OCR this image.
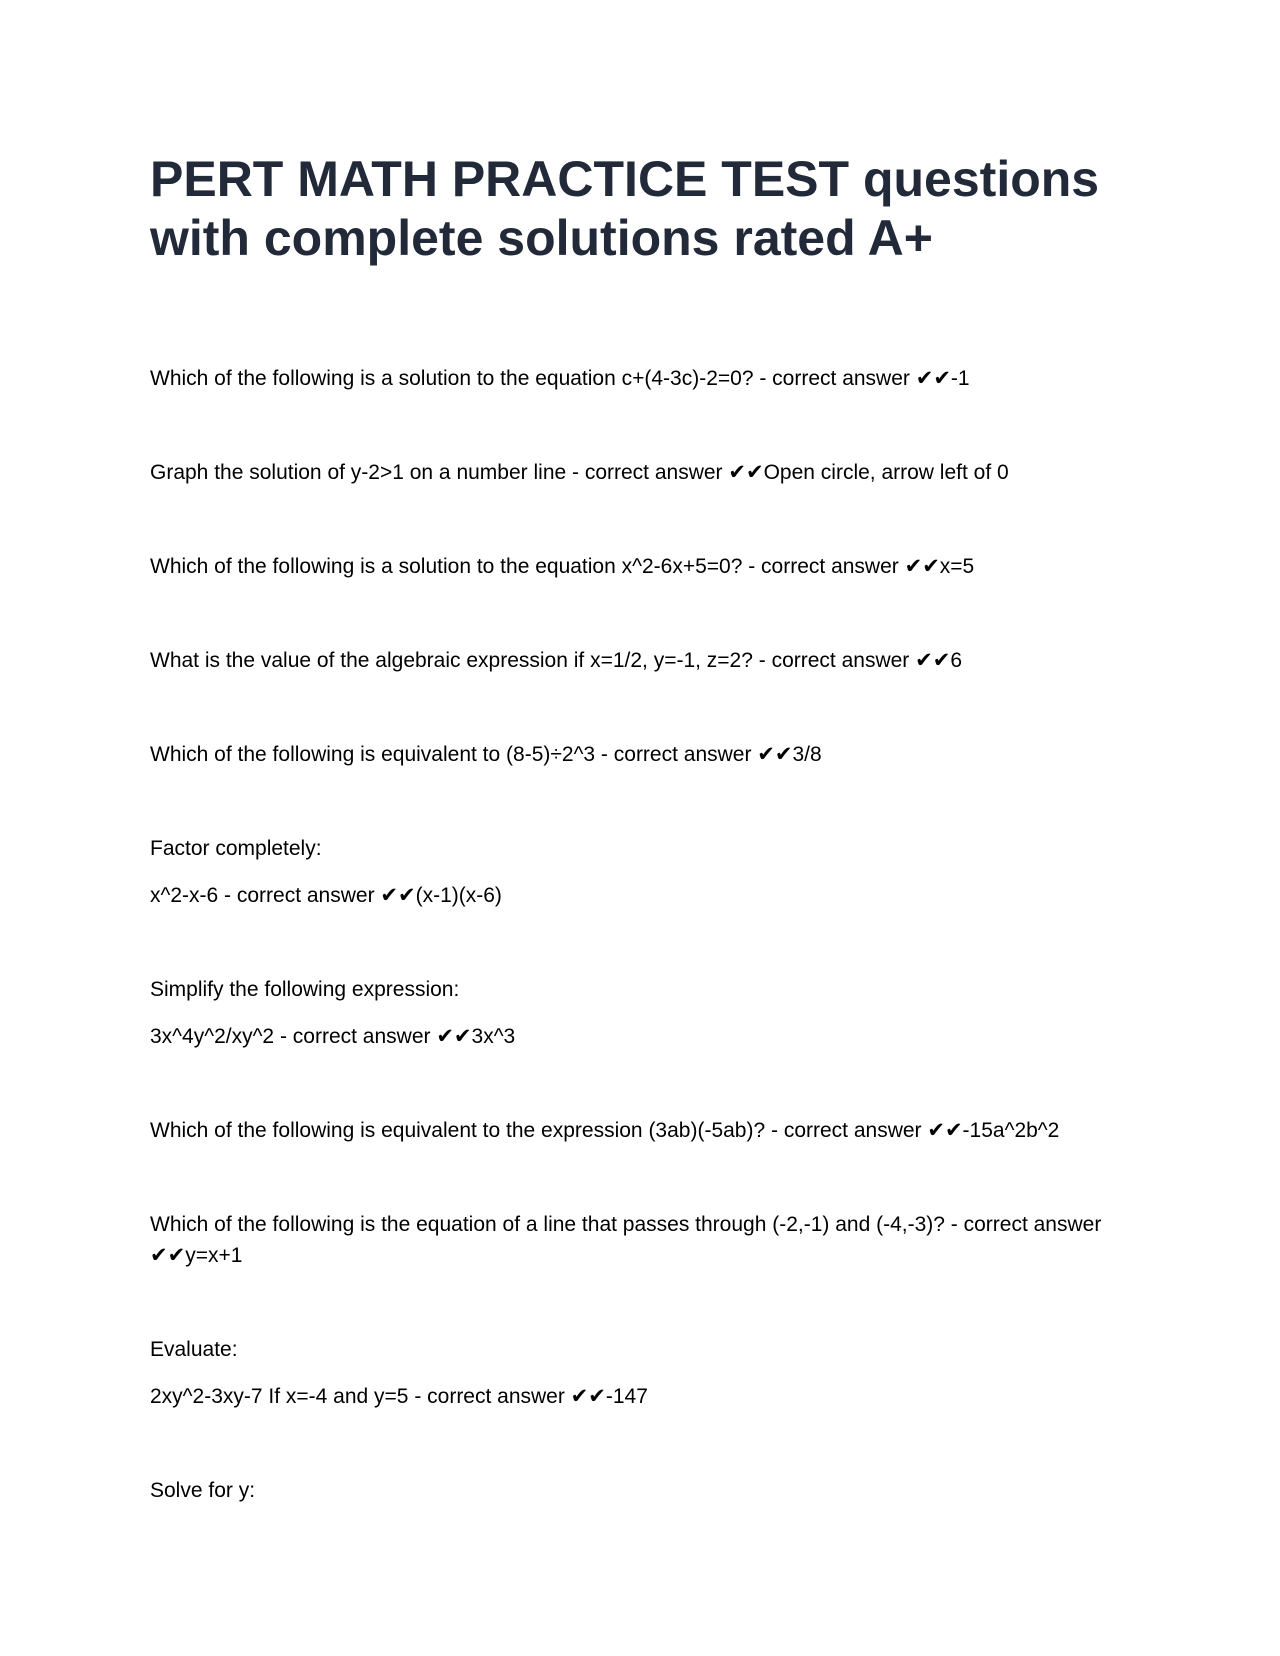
PERT MATH PRACTICE TEST questions with complete solutions rated A+

Which of the following is a solution to the equation c+(4-3c)-2=0? - correct answer ✔✔-1

Graph the solution of y-2>1 on a number line - correct answer ✔✔Open circle, arrow left of 0

Which of the following is a solution to the equation x^2-6x+5=0? - correct answer ✔✔x=5

What is the value of the algebraic expression if x=1/2, y=-1, z=2? - correct answer ✔✔6

Which of the following is equivalent to (8-5)÷2^3 - correct answer ✔✔3/8

Factor completely:

x^2-x-6 - correct answer ✔✔(x-1)(x-6)

Simplify the following expression:

3x^4y^2/xy^2 - correct answer ✔✔3x^3

Which of the following is equivalent to the expression (3ab)(-5ab)? - correct answer ✔✔-15a^2b^2

Which of the following is the equation of a line that passes through (-2,-1) and (-4,-3)? - correct answer ✔✔y=x+1

Evaluate:

2xy^2-3xy-7 If x=-4 and y=5 - correct answer ✔✔-147

Solve for y:
